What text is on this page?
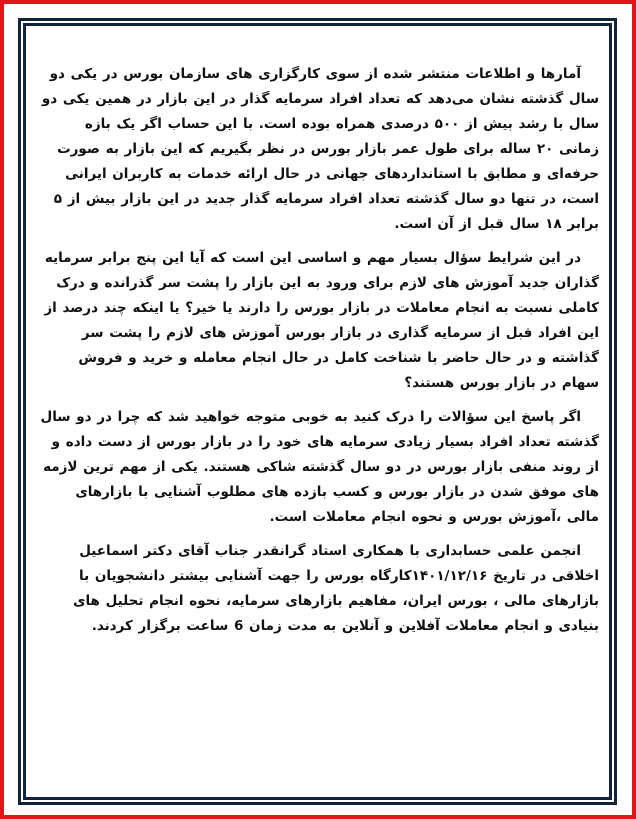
آمارها و اطلاعات منتشر شده از سوی کارگزاری های سازمان بورس در یکی دو سال گذشته نشان می‌دهد که تعداد افراد سرمایه گذار در این بازار در همین یکی دو سال با رشد بیش از ۵۰۰ درصدی همراه بوده است. با این حساب اگر یک بازه زمانی ۲۰ ساله برای طول عمر بازار بورس در نظر بگیریم که این بازار به صورت حرفه‌ای و مطابق با استانداردهای جهانی در حال ارائه خدمات به کاربران ایرانی است، در تنها دو سال گذشته تعداد افراد سرمایه گذار جدید در این بازار بیش از ۵ برابر ۱۸ سال قبل از آن است.

در این شرایط سؤال بسیار مهم و اساسی این است که آیا این پنج برابر سرمایه گذاران جدید آموزش های لازم برای ورود به این بازار را پشت سر گذرانده و درک کاملی نسبت به انجام معاملات در بازار بورس را دارند یا خیر؟ یا اینکه چند درصد از این افراد قبل از سرمایه گذاری در بازار بورس آموزش های لازم را پشت سر گذاشته و در حال حاضر با شناخت کامل در حال انجام معامله و خرید و فروش سهام در بازار بورس هستند؟

اگر پاسخ این سؤالات را درک کنید به خوبی متوجه خواهید شد که چرا در دو سال گذشته تعداد افراد بسیار زیادی سرمایه های خود را در بازار بورس از دست داده و از روند منفی بازار بورس در دو سال گذشته شاکی هستند. یکی از مهم ترین لازمه های موفق شدن در بازار بورس و کسب بازده های مطلوب آشنایی با بازارهای مالی ،آموزش بورس و نحوه انجام معاملات است.

انجمن علمی حسابداری با همکاری استاد گرانقدر جناب آقای دکتر اسماعیل اخلاقی در تاریخ ۱۴۰۱/۱۲/۱۶کارگاه بورس را جهت آشنایی بیشتر دانشجویان با بازارهای مالی ، بورس ایران، مفاهیم بازارهای سرمایه، نحوه انجام تحلیل های بنیادی و انجام معاملات آفلاین و آنلاین به مدت زمان 6 ساعت برگزار کردند.
